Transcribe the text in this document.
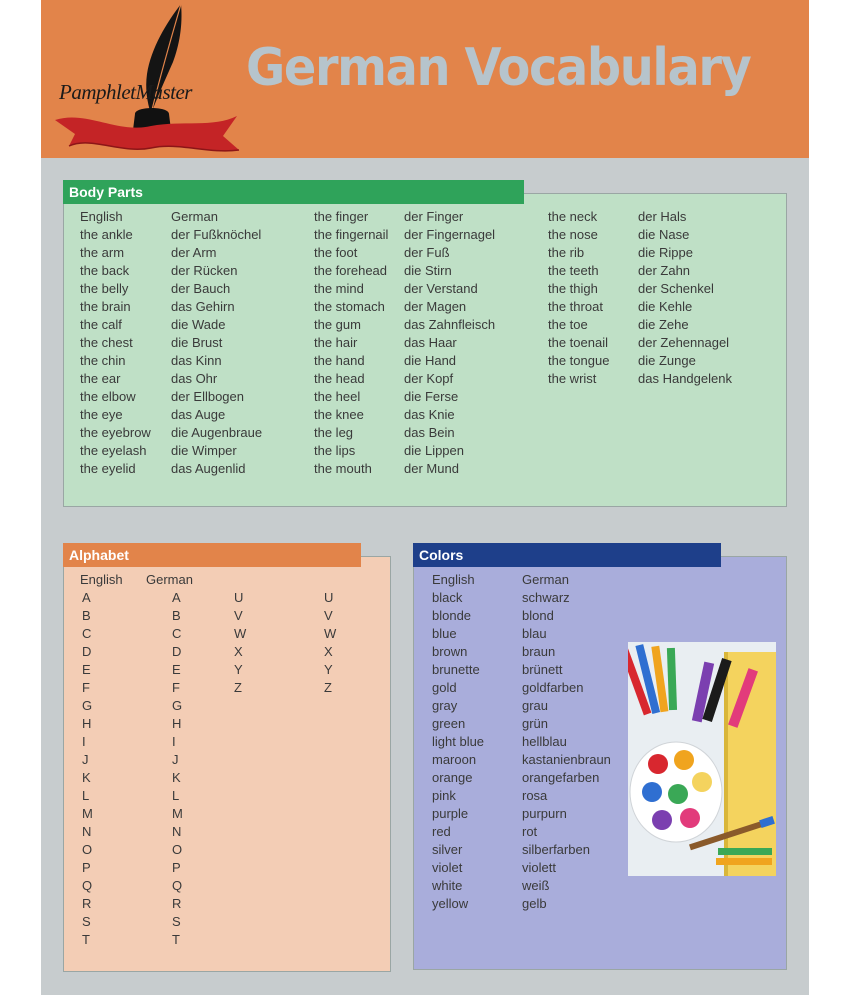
PamphletMaster German Vocabulary
Body Parts
English
the ankle
the arm
the back
the belly
the brain
the calf
the chest
the chin
the ear
the elbow
the eye
the eyebrow
the eyelash
the eyelid
German
der Fußknöchel
der Arm
der Rücken
der Bauch
das Gehirn
die Wade
die Brust
das Kinn
das Ohr
der Ellbogen
das Auge
die Augenbraue
die Wimper
das Augenlid
the finger
the fingernail
the foot
the forehead
the mind
the stomach
the gum
the hair
the hand
the head
the heel
the knee
the leg
the lips
the mouth
der Finger
der Fingernagel
der Fuß
die Stirn
der Verstand
der Magen
das Zahnfleisch
das Haar
die Hand
der Kopf
die Ferse
das Knie
das Bein
die Lippen
der Mund
the neck
the nose
the rib
the teeth
the thigh
the throat
the toe
the toenail
the tongue
the wrist
der Hals
die Nase
die Rippe
der Zahn
der Schenkel
die Kehle
die Zehe
der Zehennagel
die Zunge
das Handgelenk
Alphabet
English German
A
B
C
D
E
F
G
H
I
J
K
L
M
N
O
P
Q
R
S
T
A
B
C
D
E
F
G
H
I
J
K
L
M
N
O
P
Q
R
S
T
U
V
W
X
Y
Z
U
V
W
X
Y
Z
Colors
English
black
blonde
blue
brown
brunette
gold
gray
green
light blue
maroon
orange
pink
purple
red
silver
violet
white
yellow
German
schwarz
blond
blau
braun
brünett
goldfarben
grau
grün
hellblau
kastanienbraun
orangefarben
rosa
purpurn
rot
silberfarben
violett
weiß
gelb
